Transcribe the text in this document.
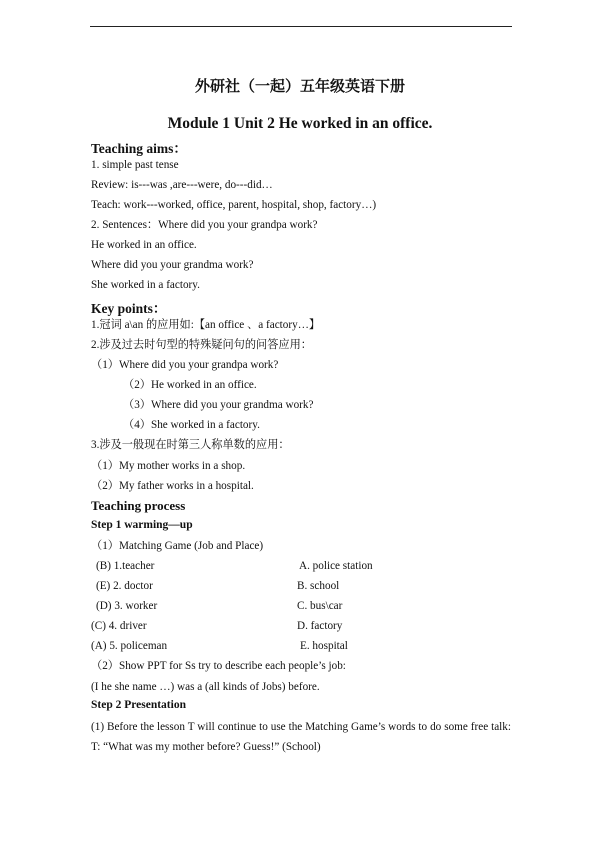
外研社（一起）五年级英语下册
Module 1 Unit 2 He worked in an office.
Teaching aims：
1. simple past tense
Review: is---was ,are---were, do---did…
Teach: work---worked, office, parent, hospital, shop, factory…)
2. Sentences：Where did you your grandpa work?
He worked in an office.
Where did you your grandma work?
She worked in a factory.
Key points：
1.冠词 a\an 的应用如:【an office 、a factory…】
2.涉及过去时句型的特殊疑问句的问答应用：
（1）Where did you your grandpa work?
（2）He worked in an office.
（3）Where did you your grandma work?
（4）She worked in a factory.
3.涉及一般现在时第三人称单数的应用：
（1）My mother works in a shop.
（2）My father works in a hospital.
Teaching process
Step 1 warming—up
（1）Matching Game (Job and Place)
(B) 1.teacher	A. police station
(E) 2. doctor	B. school
(D) 3. worker	C. bus\car
(C) 4. driver	D. factory
(A) 5. policeman	E. hospital
（2）Show PPT for Ss try to describe each people’s job:
(I he she name …) was a (all kinds of Jobs) before.
Step 2 Presentation
(1) Before the lesson T will continue to use the Matching Game’s words to do some free talk: T: “What was my mother before? Guess!” (School)
